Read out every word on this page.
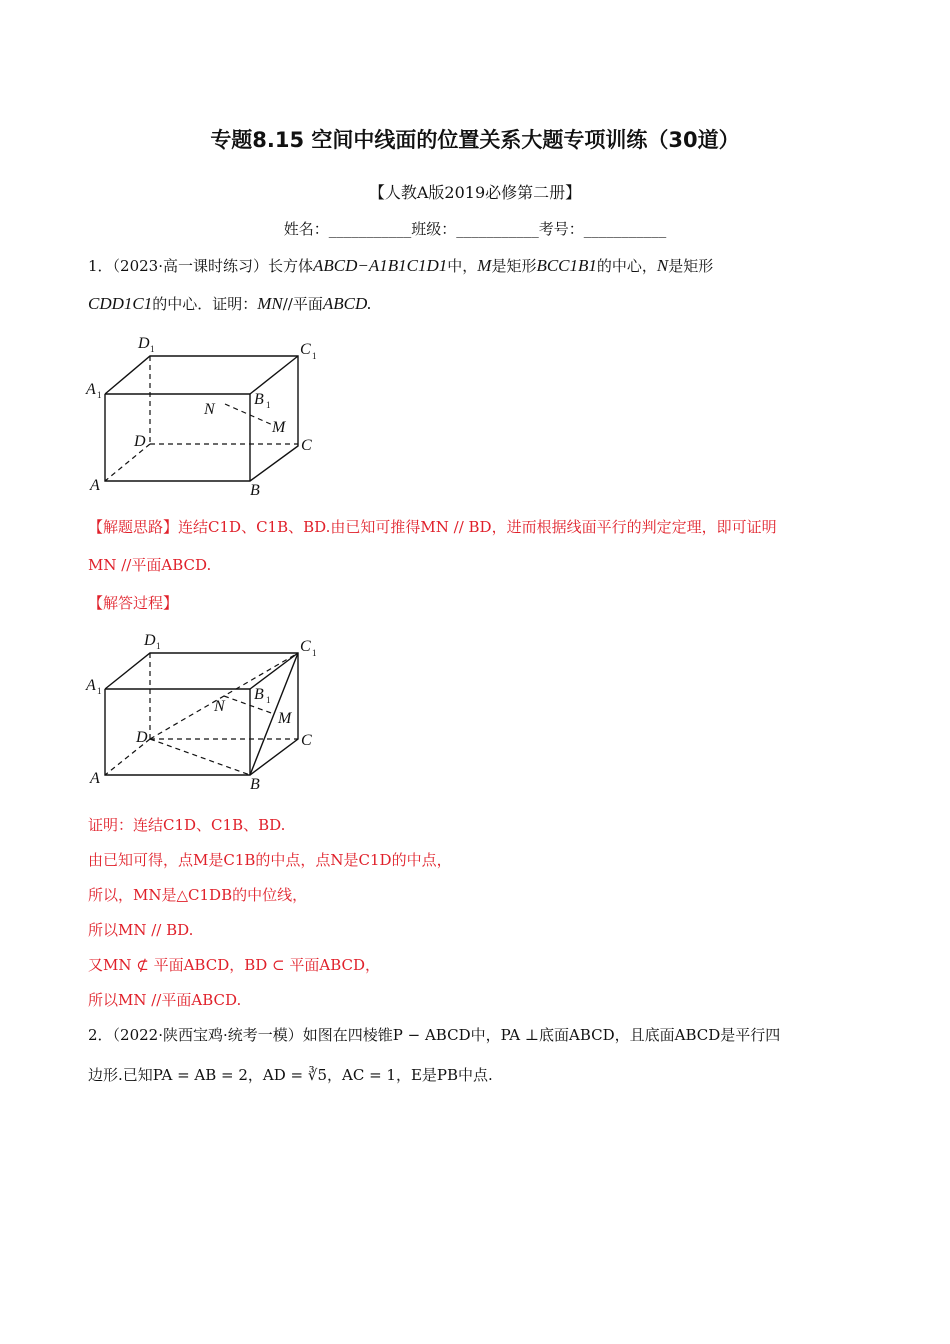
专题8.15 空间中线面的位置关系大题专项训练（30道）
【人教A版2019必修第二册】
姓名：___________班级：___________考号：___________
1．（2023·高一课时练习）长方体ABCD−A1B1C1D1中，M是矩形BCC1B1的中心，N是矩形
CDD1C1的中心．证明：MN//平面ABCD.
D 1	C 1
A 1	B 1
N
M
D	C
A	B
【解题思路】连结C1D、C1B、BD.由已知可推得MN // BD，进而根据线面平行的判定定理，即可证明
MN //平面ABCD.
【解答过程】
D 1	C 1
A 1	B 1
N
M
D	C
A	B
证明：连结C1D、C1B、BD.
由已知可得，点M是C1B的中点，点N是C1D的中点，
所以，MN是△C1DB的中位线，
所以MN // BD.
又MN ⊄ 平面ABCD，BD ⊂ 平面ABCD，
所以MN //平面ABCD.
2．（2022·陕西宝鸡·统考一模）如图在四棱锥P − ABCD中，PA ⊥底面ABCD，且底面ABCD是平行四
边形.已知PA = AB = 2，AD = ∛5，AC = 1，E是PB中点.
